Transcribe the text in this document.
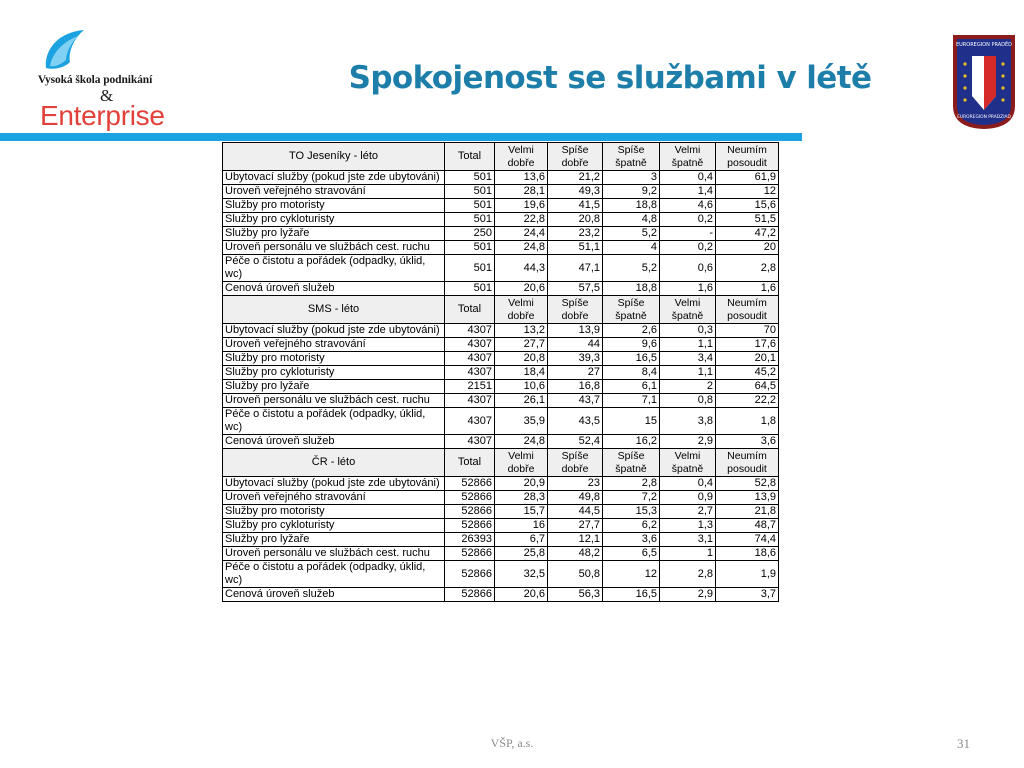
Vysoká škola podnikání
&
Enterprise
Spokojenost se službami v létě
EUROREGION PRADĚD
EUROREGION PRADZIAD
TO Jeseníky - léto	Total	Velmi dobře	Spíše dobře	Spíše špatně	Velmi špatně	Neumím posoudit
Ubytovací služby (pokud jste zde ubytováni)	501	13,6	21,2	3	0,4	61,9
Úroveň veřejného stravování	501	28,1	49,3	9,2	1,4	12
Služby pro motoristy	501	19,6	41,5	18,8	4,6	15,6
Služby pro cykloturisty	501	22,8	20,8	4,8	0,2	51,5
Služby pro lyžaře	250	24,4	23,2	5,2	-	47,2
Úroveň personálu ve službách cest. ruchu	501	24,8	51,1	4	0,2	20
Péče o čistotu a pořádek (odpadky, úklid, wc)	501	44,3	47,1	5,2	0,6	2,8
Cenová úroveň služeb	501	20,6	57,5	18,8	1,6	1,6
SMS - léto	Total	Velmi dobře	Spíše dobře	Spíše špatně	Velmi špatně	Neumím posoudit
Ubytovací služby (pokud jste zde ubytováni)	4307	13,2	13,9	2,6	0,3	70
Úroveň veřejného stravování	4307	27,7	44	9,6	1,1	17,6
Služby pro motoristy	4307	20,8	39,3	16,5	3,4	20,1
Služby pro cykloturisty	4307	18,4	27	8,4	1,1	45,2
Služby pro lyžaře	2151	10,6	16,8	6,1	2	64,5
Úroveň personálu ve službách cest. ruchu	4307	26,1	43,7	7,1	0,8	22,2
Péče o čistotu a pořádek (odpadky, úklid, wc)	4307	35,9	43,5	15	3,8	1,8
Cenová úroveň služeb	4307	24,8	52,4	16,2	2,9	3,6
ČR - léto	Total	Velmi dobře	Spíše dobře	Spíše špatně	Velmi špatně	Neumím posoudit
Ubytovací služby (pokud jste zde ubytováni)	52866	20,9	23	2,8	0,4	52,8
Úroveň veřejného stravování	52866	28,3	49,8	7,2	0,9	13,9
Služby pro motoristy	52866	15,7	44,5	15,3	2,7	21,8
Služby pro cykloturisty	52866	16	27,7	6,2	1,3	48,7
Služby pro lyžaře	26393	6,7	12,1	3,6	3,1	74,4
Úroveň personálu ve službách cest. ruchu	52866	25,8	48,2	6,5	1	18,6
Péče o čistotu a pořádek (odpadky, úklid, wc)	52866	32,5	50,8	12	2,8	1,9
Cenová úroveň služeb	52866	20,6	56,3	16,5	2,9	3,7
VŠP, a.s.	31
